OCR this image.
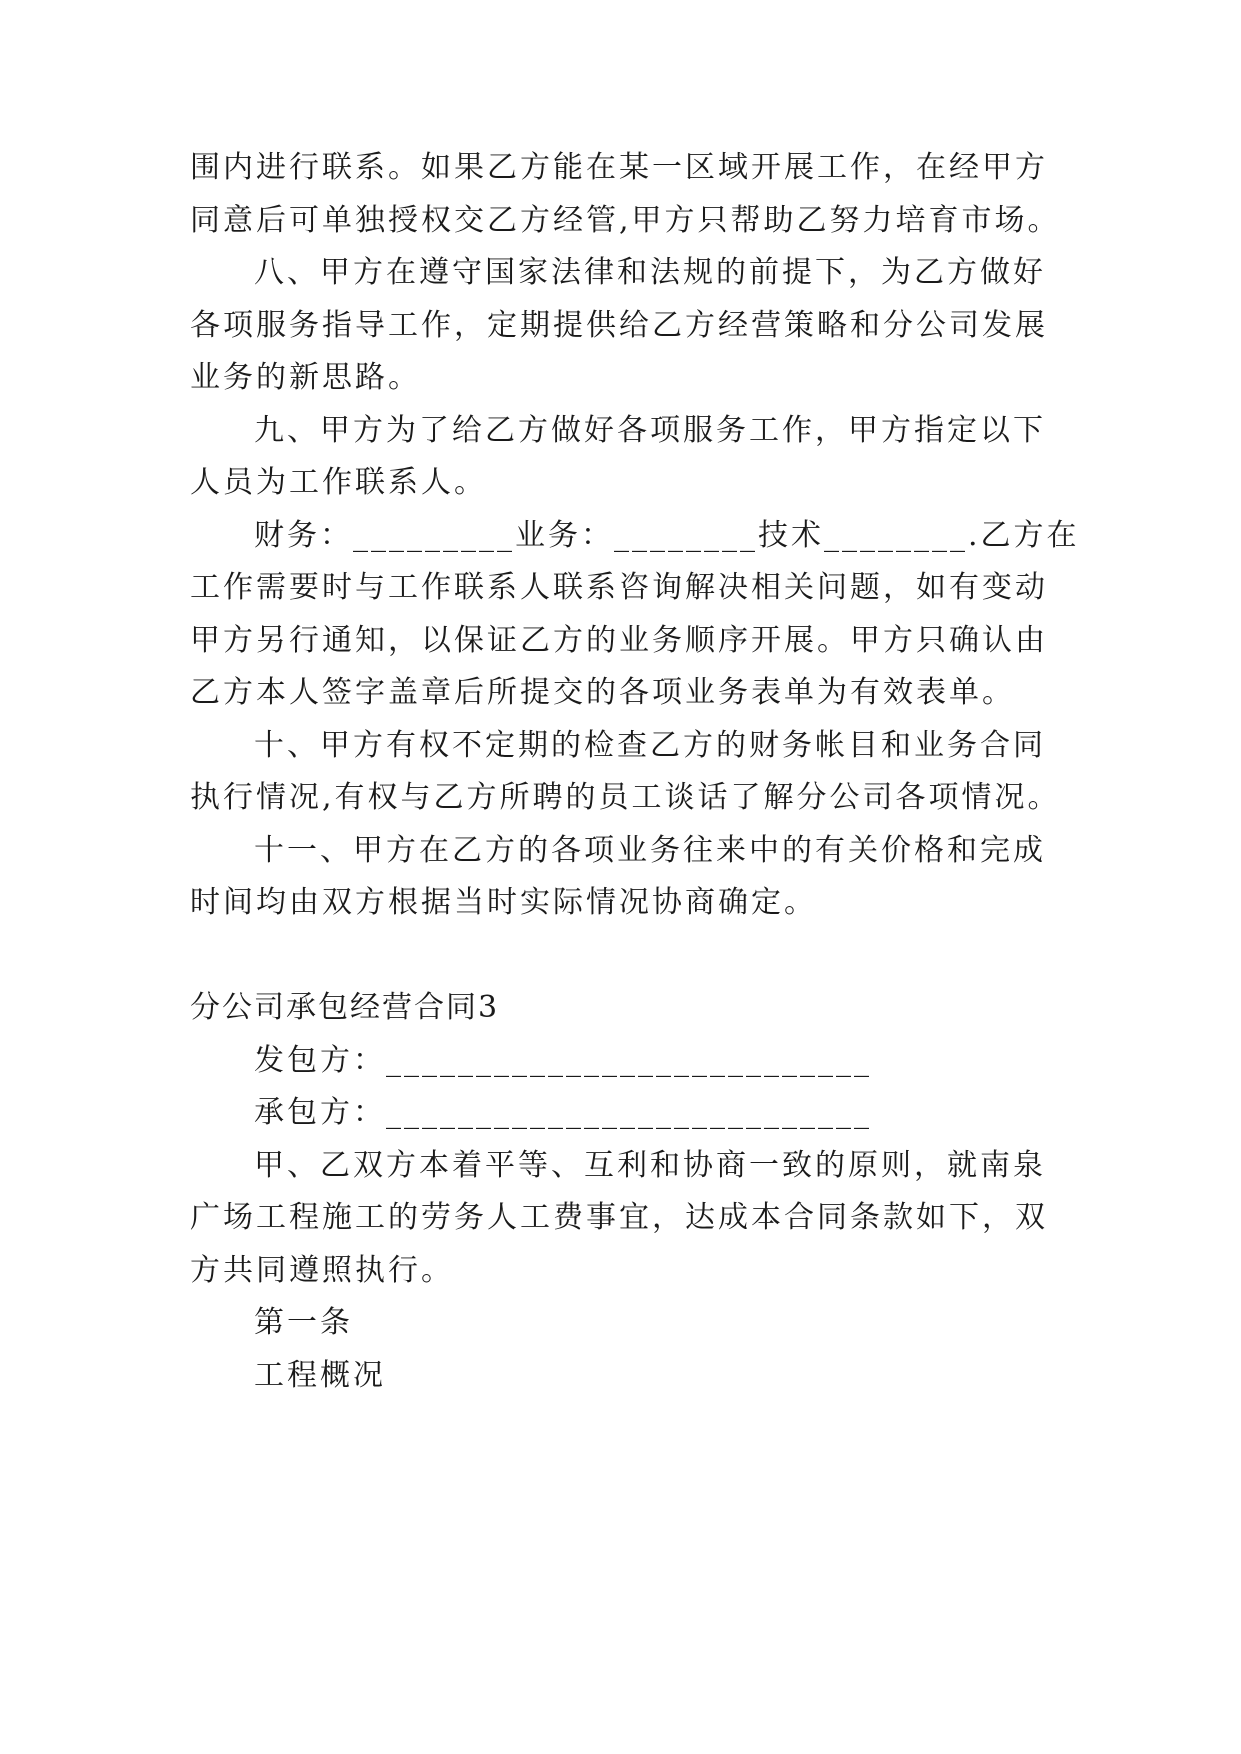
围内进行联系。如果乙方能在某一区域开展工作，在经甲方
同意后可单独授权交乙方经管,甲方只帮助乙努力培育市场。
八、甲方在遵守国家法律和法规的前提下，为乙方做好
各项服务指导工作，定期提供给乙方经营策略和分公司发展
业务的新思路。
九、甲方为了给乙方做好各项服务工作，甲方指定以下
人员为工作联系人。
财务：_________业务：________技术________.乙方在
工作需要时与工作联系人联系咨询解决相关问题，如有变动
甲方另行通知，以保证乙方的业务顺序开展。甲方只确认由
乙方本人签字盖章后所提交的各项业务表单为有效表单。
十、甲方有权不定期的检查乙方的财务帐目和业务合同
执行情况,有权与乙方所聘的员工谈话了解分公司各项情况。
十一、甲方在乙方的各项业务往来中的有关价格和完成
时间均由双方根据当时实际情况协商确定。
分公司承包经营合同3
发包方：___________________________
承包方：___________________________
甲、乙双方本着平等、互利和协商一致的原则，就南泉
广场工程施工的劳务人工费事宜，达成本合同条款如下，双
方共同遵照执行。
第一条
工程概况
